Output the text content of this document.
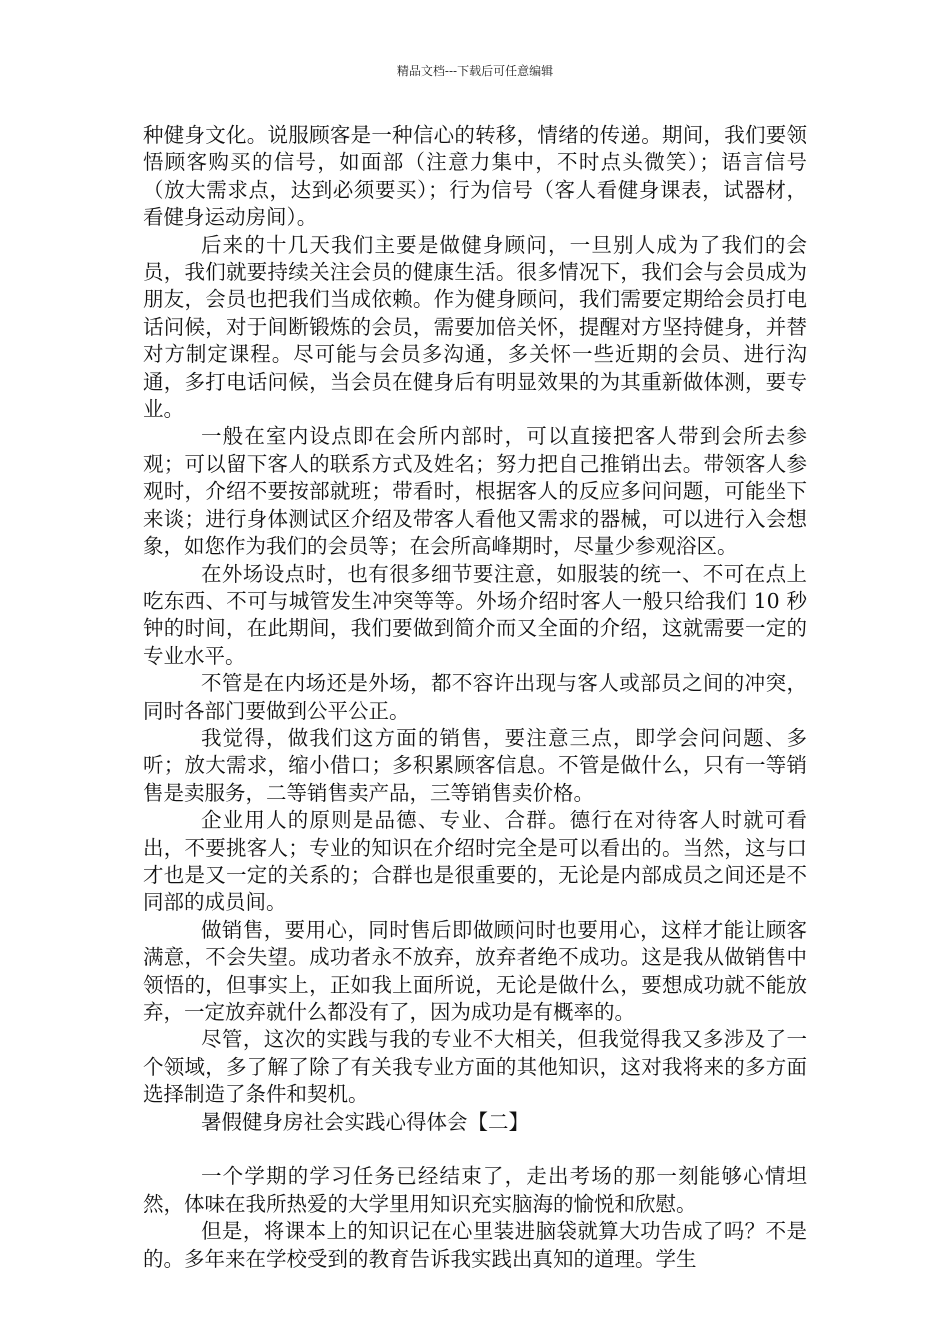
精品文档---下载后可任意编辑

种健身文化。说服顾客是一种信心的转移，情绪的传递。期间，我们要领悟顾客购买的信号，如面部（注意力集中，不时点头微笑）；语言信号（放大需求点，达到必须要买）；行为信号（客人看健身课表，试器材，看健身运动房间）。

后来的十几天我们主要是做健身顾问，一旦别人成为了我们的会员，我们就要持续关注会员的健康生活。很多情况下，我们会与会员成为朋友，会员也把我们当成依赖。作为健身顾问，我们需要定期给会员打电话问候，对于间断锻炼的会员，需要加倍关怀，提醒对方坚持健身，并替对方制定课程。尽可能与会员多沟通，多关怀一些近期的会员、进行沟通，多打电话问候，当会员在健身后有明显效果的为其重新做体测，要专业。

一般在室内设点即在会所内部时，可以直接把客人带到会所去参观；可以留下客人的联系方式及姓名；努力把自己推销出去。带领客人参观时，介绍不要按部就班；带看时，根据客人的反应多问问题，可能坐下来谈；进行身体测试区介绍及带客人看他又需求的器械，可以进行入会想象，如您作为我们的会员等；在会所高峰期时，尽量少参观浴区。

在外场设点时，也有很多细节要注意，如服装的统一、不可在点上吃东西、不可与城管发生冲突等等。外场介绍时客人一般只给我们 10 秒钟的时间，在此期间，我们要做到简介而又全面的介绍，这就需要一定的专业水平。

不管是在内场还是外场，都不容许出现与客人或部员之间的冲突，同时各部门要做到公平公正。

我觉得，做我们这方面的销售，要注意三点，即学会问问题、多听；放大需求，缩小借口；多积累顾客信息。不管是做什么，只有一等销售是卖服务，二等销售卖产品，三等销售卖价格。

企业用人的原则是品德、专业、合群。德行在对待客人时就可看出，不要挑客人；专业的知识在介绍时完全是可以看出的。当然，这与口才也是又一定的关系的；合群也是很重要的，无论是内部成员之间还是不同部的成员间。

做销售，要用心，同时售后即做顾问时也要用心，这样才能让顾客满意，不会失望。成功者永不放弃，放弃者绝不成功。这是我从做销售中领悟的，但事实上，正如我上面所说，无论是做什么，要想成功就不能放弃，一定放弃就什么都没有了，因为成功是有概率的。

尽管，这次的实践与我的专业不大相关，但我觉得我又多涉及了一个领域，多了解了除了有关我专业方面的其他知识，这对我将来的多方面选择制造了条件和契机。

暑假健身房社会实践心得体会【二】

一个学期的学习任务已经结束了，走出考场的那一刻能够心情坦然，体味在我所热爱的大学里用知识充实脑海的愉悦和欣慰。

但是，将课本上的知识记在心里装进脑袋就算大功告成了吗？不是的。多年来在学校受到的教育告诉我实践出真知的道理。学生
